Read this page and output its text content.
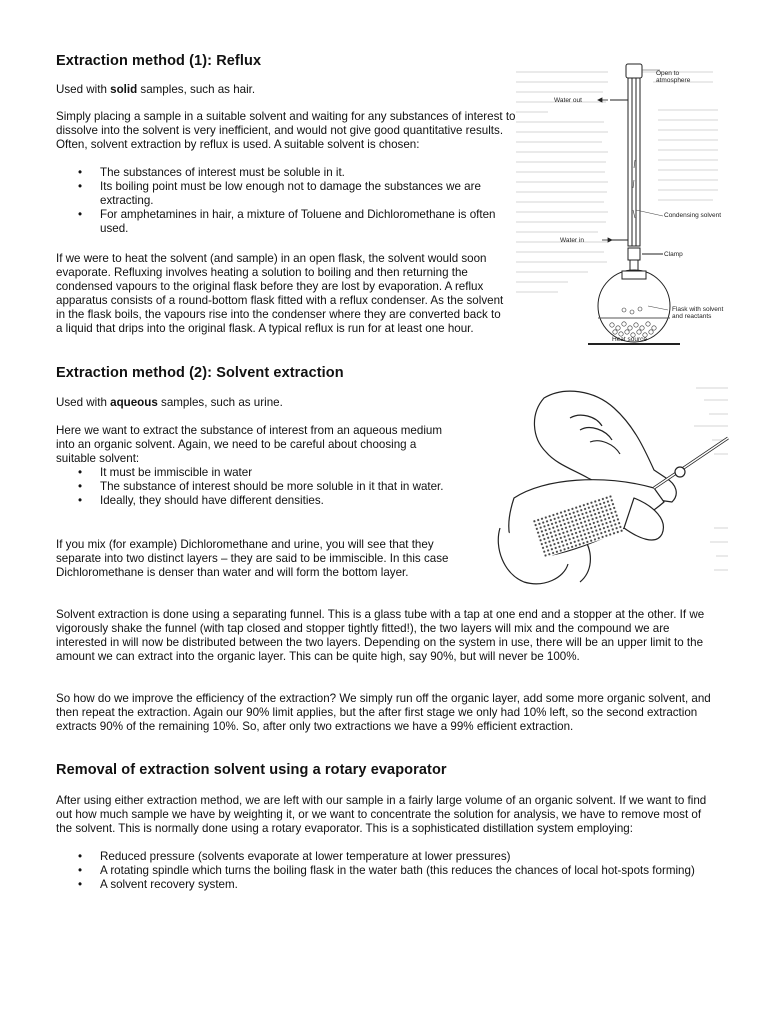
Extraction method (1): Reflux

Used with solid samples, such as hair.

Simply placing a sample in a suitable solvent and waiting for any substances of interest to dissolve into the solvent is very inefficient, and would not give good quantitative results. Often, solvent extraction by reflux is used. A suitable solvent is chosen:

• The substances of interest must be soluble in it.
• Its boiling point must be low enough not to damage the substances we are extracting.
• For amphetamines in hair, a mixture of Toluene and Dichloromethane is often used.

If we were to heat the solvent (and sample) in an open flask, the solvent would soon evaporate. Refluxing involves heating a solution to boiling and then returning the condensed vapours to the original flask before they are lost by evaporation. A reflux apparatus consists of a round-bottom flask fitted with a reflux condenser. As the solvent in the flask boils, the vapours rise into the condenser where they are converted back to a liquid that drips into the original flask. A typical reflux is run for at least one hour.

Open to atmosphere
Water out
Condensing solvent
Water in
Clamp
Flask with solvent and reactants
Heat source
Extraction method (2): Solvent extraction

Used with aqueous samples, such as urine.

Here we want to extract the substance of interest from an aqueous medium into an organic solvent. Again, we need to be careful about choosing a suitable solvent:

• It must be immiscible in water
• The substance of interest should be more soluble in it that in water.
• Ideally, they should have different densities.

If you mix (for example) Dichloromethane and urine, you will see that they separate into two distinct layers – they are said to be immiscible. In this case Dichloromethane is denser than water and will form the bottom layer.

Solvent extraction is done using a separating funnel. This is a glass tube with a tap at one end and a stopper at the other. If we vigorously shake the funnel (with tap closed and stopper tightly fitted!), the two layers will mix and the compound we are interested in will now be distributed between the two layers. Depending on the system in use, there will be an upper limit to the amount we can extract into the organic layer. This can be quite high, say 90%, but will never be 100%.

So how do we improve the efficiency of the extraction? We simply run off the organic layer, add some more organic solvent, and then repeat the extraction. Again our 90% limit applies, but the after first stage we only had 10% left, so the second extraction extracts 90% of the remaining 10%. So, after only two extractions we have a 99% efficient extraction.

Removal of extraction solvent using a rotary evaporator

After using either extraction method, we are left with our sample in a fairly large volume of an organic solvent. If we want to find out how much sample we have by weighting it, or we want to concentrate the solution for analysis, we have to remove most of the solvent. This is normally done using a rotary evaporator. This is a sophisticated distillation system employing:

• Reduced pressure (solvents evaporate at lower temperature at lower pressures)
• A rotating spindle which turns the boiling flask in the water bath (this reduces the chances of local hot-spots forming)
• A solvent recovery system.
